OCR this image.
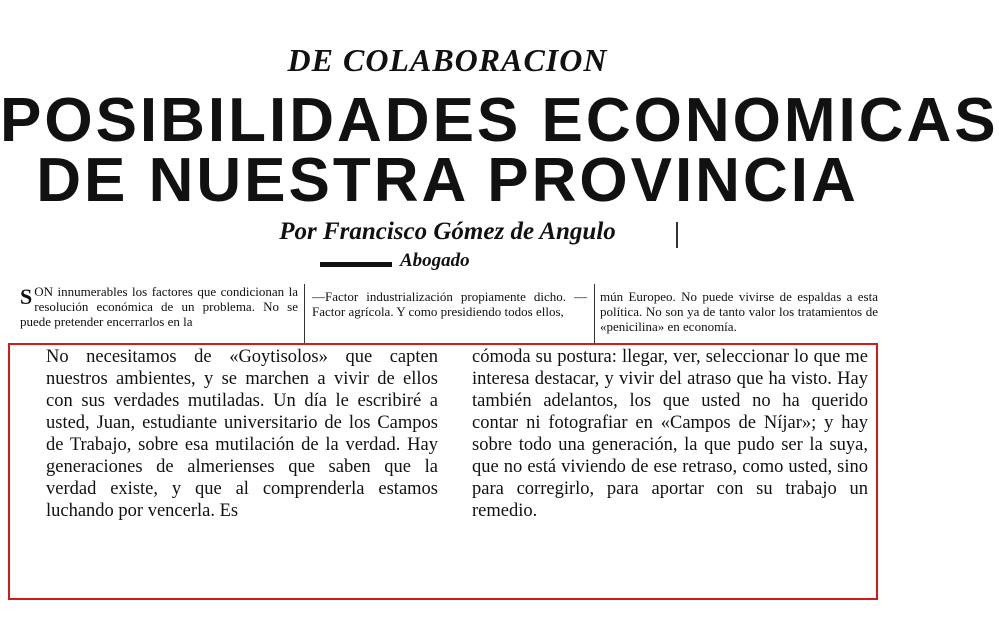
DE COLABORACION
POSIBILIDADES ECONOMICAS
DE NUESTRA PROVINCIA
Por Francisco Gómez de Angulo
Abogado

SON innumerables los factores que condicionan la resolución económica de un problema. No se puede pretender encerrarlos en la

—Factor industrialización propiamente dicho. —Factor agrícola. Y como presidiendo todos ellos,

mún Europeo. No puede vivirse de espaldas a esta política. No son ya de tanto valor los tratamientos de «penicilina» en economía.

No necesitamos de «Goytisolos» que capten nuestros ambientes, y se marchen a vivir de ellos con sus verdades mutiladas. Un día le escribiré a usted, Juan, estudiante universitario de los Campos de Trabajo, sobre esa mutilación de la verdad. Hay generaciones de almerienses que saben que la verdad existe, y que al comprenderla estamos luchando por vencerla. Es

cómoda su postura: llegar, ver, seleccionar lo que me interesa destacar, y vivir del atraso que ha visto. Hay también adelantos, los que usted no ha querido contar ni fotografiar en «Campos de Níjar»; y hay sobre todo una generación, la que pudo ser la suya, que no está viviendo de ese retraso, como usted, sino para corregirlo, para aportar con su trabajo un remedio.
